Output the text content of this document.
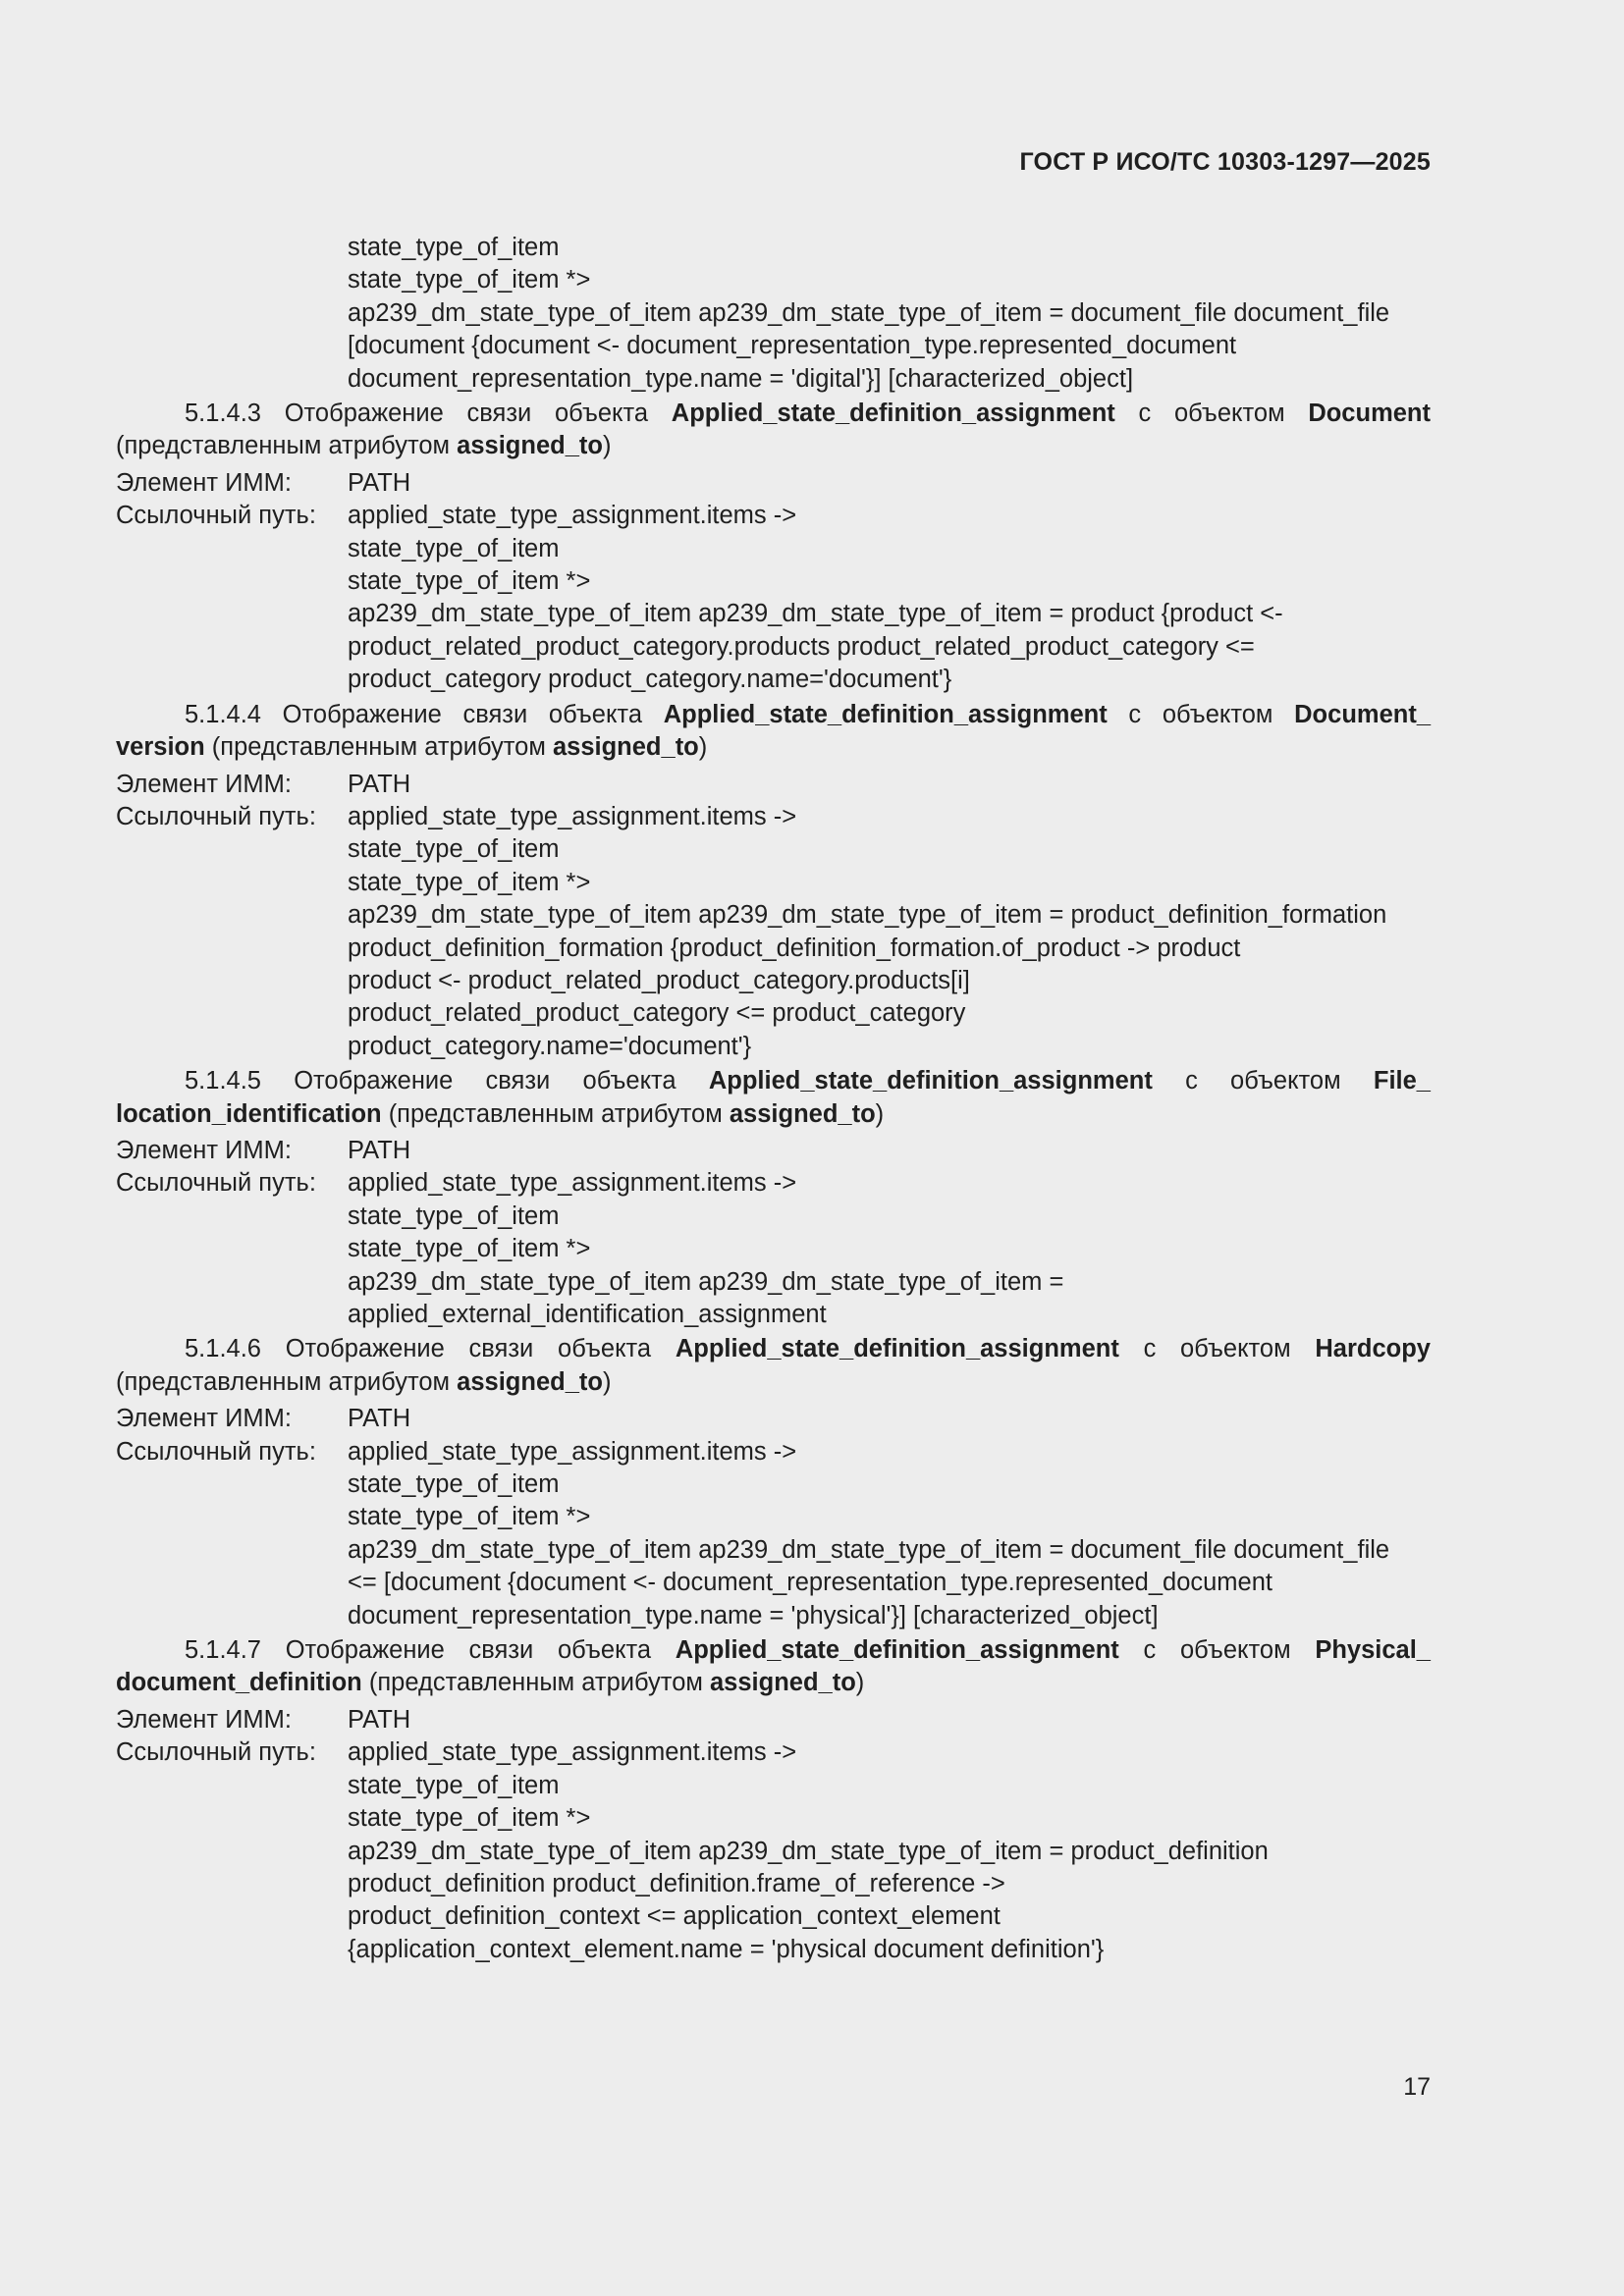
ГОСТ Р ИСО/ТС 10303-1297—2025
state_type_of_item
state_type_of_item *>
ap239_dm_state_type_of_item ap239_dm_state_type_of_item = document_file document_file
[document {document <- document_representation_type.represented_document
document_representation_type.name = 'digital'}] [characterized_object]
5.1.4.3 Отображение связи объекта Applied_state_definition_assignment с объектом Document
(представленным атрибутом assigned_to)
Элемент ИММ:	PATH
Ссылочный путь:	applied_state_type_assignment.items ->
state_type_of_item
state_type_of_item *>
ap239_dm_state_type_of_item ap239_dm_state_type_of_item = product {product <-
product_related_product_category.products product_related_product_category <=
product_category product_category.name='document'}
5.1.4.4 Отображение связи объекта Applied_state_definition_assignment с объектом Document_
version (представленным атрибутом assigned_to)
Элемент ИММ:	PATH
Ссылочный путь:	applied_state_type_assignment.items ->
state_type_of_item
state_type_of_item *>
ap239_dm_state_type_of_item ap239_dm_state_type_of_item = product_definition_formation
product_definition_formation {product_definition_formation.of_product -> product
product <- product_related_product_category.products[i]
product_related_product_category <= product_category
product_category.name='document'}
5.1.4.5 Отображение связи объекта Applied_state_definition_assignment с объектом File_
location_identification (представленным атрибутом assigned_to)
Элемент ИММ:	PATH
Ссылочный путь:	applied_state_type_assignment.items ->
state_type_of_item
state_type_of_item *>
ap239_dm_state_type_of_item ap239_dm_state_type_of_item =
applied_external_identification_assignment
5.1.4.6 Отображение связи объекта Applied_state_definition_assignment с объектом Hardcopy
(представленным атрибутом assigned_to)
Элемент ИММ:	PATH
Ссылочный путь:	applied_state_type_assignment.items ->
state_type_of_item
state_type_of_item *>
ap239_dm_state_type_of_item ap239_dm_state_type_of_item = document_file document_file
<= [document {document <- document_representation_type.represented_document
document_representation_type.name = 'physical'}] [characterized_object]
5.1.4.7 Отображение связи объекта Applied_state_definition_assignment с объектом Physical_
document_definition (представленным атрибутом assigned_to)
Элемент ИММ:	PATH
Ссылочный путь:	applied_state_type_assignment.items ->
state_type_of_item
state_type_of_item *>
ap239_dm_state_type_of_item ap239_dm_state_type_of_item = product_definition
product_definition product_definition.frame_of_reference ->
product_definition_context <= application_context_element
{application_context_element.name = 'physical document definition'}
17
